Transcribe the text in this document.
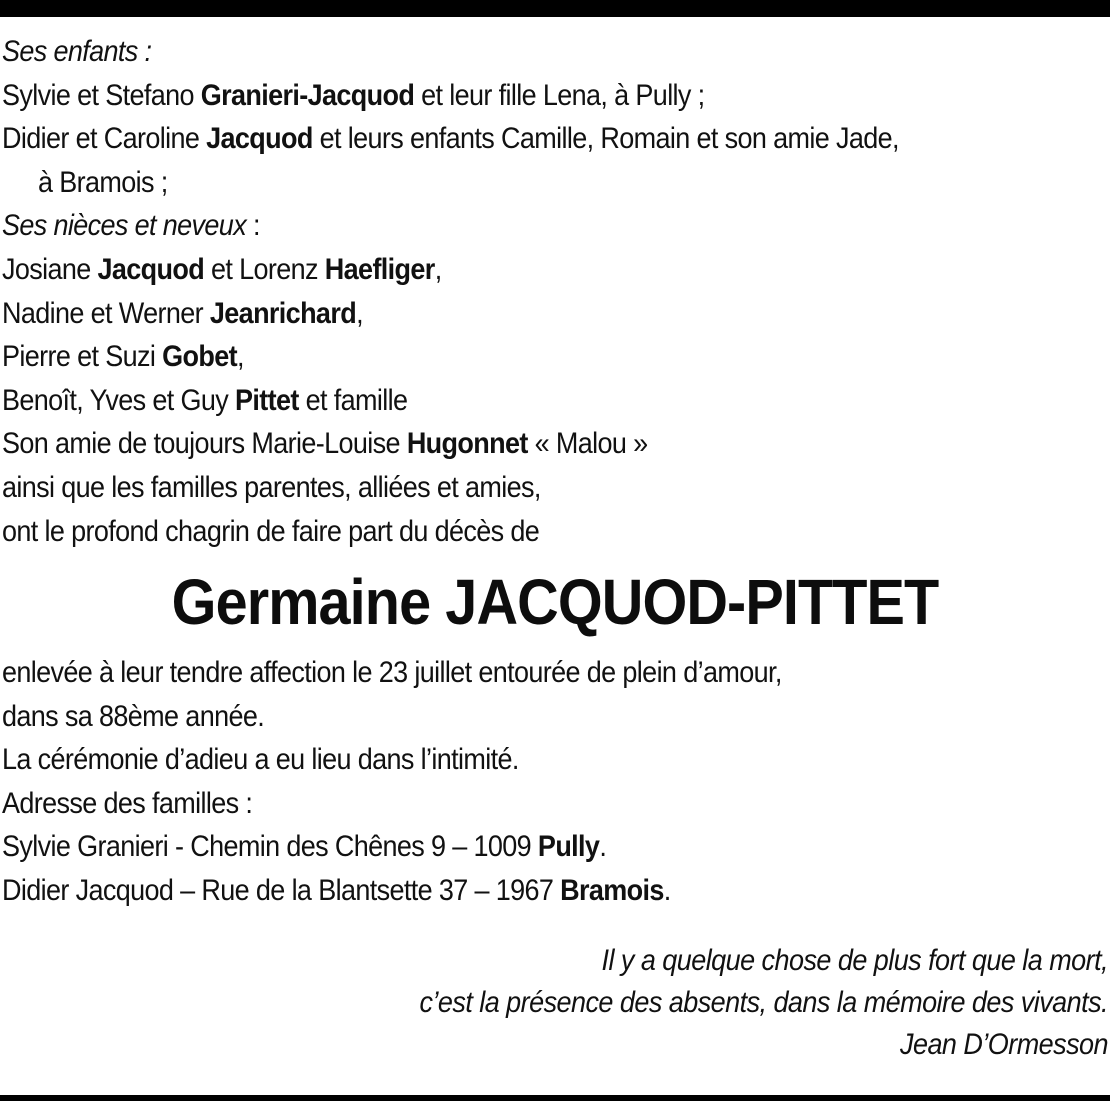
Ses enfants :
Sylvie et Stefano Granieri-Jacquod et leur fille Lena, à Pully ;
Didier et Caroline Jacquod et leurs enfants Camille, Romain et son amie Jade,
à Bramois ;
Ses nièces et neveux :
Josiane Jacquod et Lorenz Haefliger,
Nadine et Werner Jeanrichard,
Pierre et Suzi Gobet,
Benoît, Yves et Guy Pittet et famille
Son amie de toujours Marie-Louise Hugonnet « Malou »
ainsi que les familles parentes, alliées et amies,
ont le profond chagrin de faire part du décès de
Germaine JACQUOD-PITTET
enlevée à leur tendre affection le 23 juillet entourée de plein d’amour,
dans sa 88ème année.
La cérémonie d’adieu a eu lieu dans l’intimité.
Adresse des familles :
Sylvie Granieri - Chemin des Chênes 9 – 1009 Pully.
Didier Jacquod – Rue de la Blantsette 37 – 1967 Bramois.
Il y a quelque chose de plus fort que la mort,
c’est la présence des absents, dans la mémoire des vivants.
Jean D’Ormesson
